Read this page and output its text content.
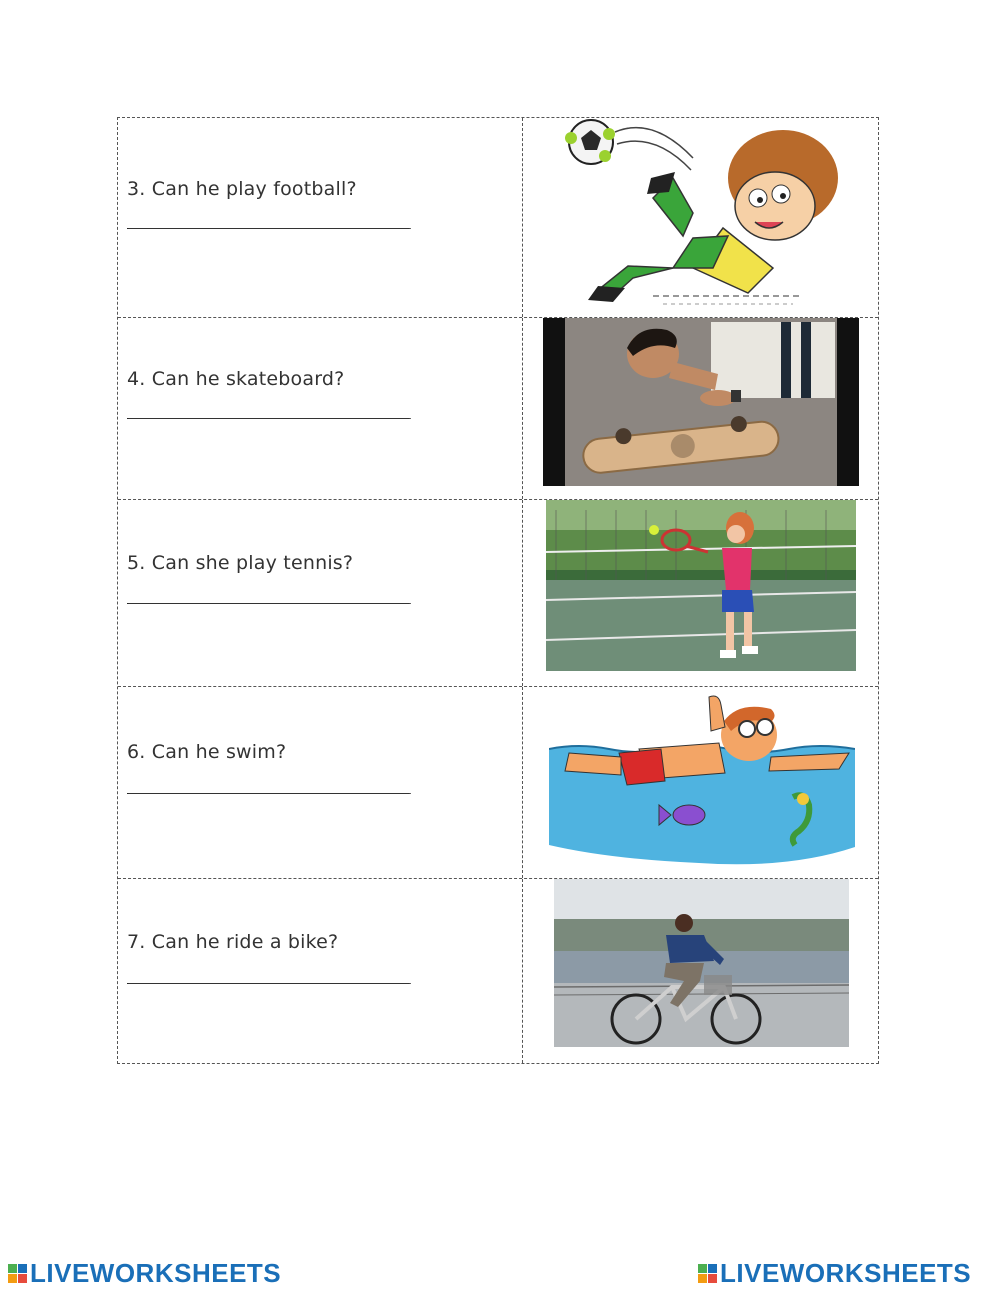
3. Can he play football?
4. Can he skateboard?
5. Can she play tennis?
6. Can he swim?
7. Can he ride a bike?
LIVEWORKSHEETS	LIVEWORKSHEETS
